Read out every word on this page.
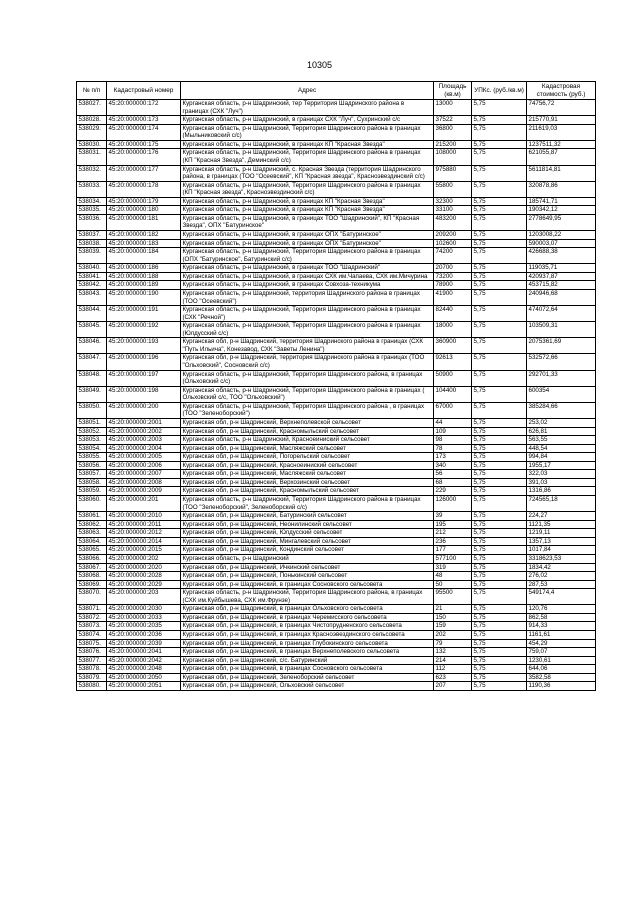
10305
№ п/п	Кадастровый номер	Адрес	Площадь (кв.м)	УПКс. (руб./кв.м)	Кадастровая стоимость (руб.)
538027.	45:20:000000:172	Курганская область, р-н Шадринский, тер Территория Шадринского района в границах (СХК "Луч")	13000	5,75	74756,72
538028.	45:20:000000:173	Курганская область, р-н Шадринский, в границах СХК "Луч", Сухринский с/с	37522	5,75	215770,91
538029.	45:20:000000:174	Курганская область, р-н Шадринский, Территория Шадринского района в границах (Мыльниковский с/с)	36800	5,75	211619,03
538030.	45:20:000000:175	Курганская область, р-н Шадринский, в границах КП "Красная Звезда"	215200	5,75	1237511,32
538031.	45:20:000000:176	Курганская область, р-н Шадринский, Территория Шадринского района в границах (КП "Красная Звезда", Деминский с/с)	108000	5,75	621055,87
538032.	45:20:000000:177	Курганская область, р-н Шадринский, с. Красная Звезда (территория Шадринского района, в границах (ТОО "Осеевский", КП "Красная звезда", Красноэвездинский с/с)	975880	5,75	5611814,81
538033.	45:20:000000:178	Курганская область, р-н Шадринский, Территория Шадринского района в границах (КП "Красная звезда", Красноэвездинский с/с)	55800	5,75	320878,86
538034.	45:20:000000:179	Курганская область, р-н Шадринский, в границах КП "Красная Звезда"	32300	5,75	185741,71
538035.	45:20:000000:180	Курганская область, р-н Шадринский, в границах КП "Красная Звезда"	33100	5,75	190342,12
538036.	45:20:000000:181	Курганская область, р-н Шадринский, в границах ТОО "Шадринский", КП "Красная Звезда", ОПХ "Батуринское"	483200	5,75	2778649,95
538037.	45:20:000000:182	Курганская область, р-н Шадринский, в границах ОПХ "Батуринское"	209200	5,75	1203008,22
538038.	45:20:000000:183	Курганская область, р-н Шадринский, в границах ОПХ "Батуринское"	102600	5,75	590003,07
538039.	45:20:000000:184	Курганская область, р-н Шадринский, Территория Шадринского района в границах (ОПХ "Батуринское", Батуринский с/с)	74200	5,75	426688,38
538040.	45:20:000000:186	Курганская область, р-н Шадринский, в границах ТОО "Шадринский"	20700	5,75	119035,71
538041.	45:20:000000:188	Курганская область, р-н Шадринский, в границах СХК им.Чапаева, СХК им.Мичурина	73200	5,75	420937,87
538042.	45:20:000000:189	Курганская область, р-н Шадринский, в границах Совхоза-техникума	78900	5,75	453715,82
538043.	45:20:000000:190	Курганская область, р-н Шадринский, территория Шадринского района в границах (ТОО "Осеевский")	41900	5,75	240946,68
538044.	45:20:000000:191	Курганская область, р-н Шадринский, Территория Шадринского района в границах (СХК "Речной")	82440	5,75	474072,64
538045.	45:20:000000:192	Курганская область, р-н Шадринский, Территория Шадринского района в границах (Юлдусский с/с)	18000	5,75	103509,31
538046.	45:20:000000:193	Курганская обл, р-н Шадринский, территория Шадринского района в границах (СХК "Путь Ильича", Конезавод, СХК "Заветы Ленина")	360900	5,75	2075361,69
538047.	45:20:000000:196	Курганская обл, р-н Шадринский, территория Шадринского района в границах (ТОО "Ольховский", Сосновский с/с)	92613	5,75	532572,66
538048.	45:20:000000:197	Курганская область, р-н Шадринский, Территория Шадринского района, в границах (Ольховский с/с)	50900	5,75	292701,33
538049.	45:20:000000:198	Курганская область, р-н Шадринский, Территория Шадринского района в границах ( Ольховский с/с, ТОО "Ольховский")	104400	5,75	600354
538050.	45:20:000000:200	Курганская область, р-н Шадринский, Территория Шадринского района , в границах (ТОО "Зеленоборский")	67000	5,75	385284,66
538051.	45:20:000000:2001	Курганская обл, р-н Шадринский, Верхнеполевской сельсовет	44	5,75	253,02
538052.	45:20:000000:2002	Курганская обл, р-н Шадринский, Красномыльский сельсовет	109	5,75	626,81
538053.	45:20:000000:2003	Курганская область, р-н Шадринский, Красноеиниский сельсовет	98	5,75	563,55
538054.	45:20:000000:2004	Курганская обл, р-н Шадринский, Масляжский сельсовет	78	5,75	448,54
538055.	45:20:000000:2005	Курганская обл, р-н Шадринский, Погорельский сельсовет	173	5,75	994,84
538056.	45:20:000000:2006	Курганская обл, р-н Шадринский, Красноеиниский сельсовет	340	5,75	1955,17
538057.	45:20:000000:2007	Курганская обл, р-н Шадринский, Масляжский сельсовет	56	5,75	322,03
538058.	45:20:000000:2008	Курганская обл, р-н Шадринский, Верхозинский сельсовет	68	5,75	391,03
538059.	45:20:000000:2009	Курганская обл, р-н Шадринский, Красномыльский сельсовет	229	5,75	1316,86
538060.	45:20:000000:201	Курганская область, р-н Шадринский, Территория Шадринского района в границах (ТОО "Зеленоборский", Зеленоборский с/с)	126000	5,75	724565,18
538061.	45:20:000000:2010	Курганская обл, р-н Шадринский, Батуринский сельсовет	39	5,75	224,27
538062.	45:20:000000:2011	Курганская обл, р-н Шадринский, Неонилинский сельсовет	195	5,75	1121,35
538063.	45:20:000000:2012	Курганская обл, р-н Шадринский, Юлдусский сельсовет	212	5,75	1219,11
538064.	45:20:000000:2014	Курганская обл, р-н Шадринский, Мингалевский сельсовет	236	5,75	1357,13
538065.	45:20:000000:2015	Курганская обл, р-н Шадринский, Кондинский сельсовет	177	5,75	1017,84
538066.	45:20:000000:202	Курганская область, р-н Шадринский	577100	5,75	3318623,53
538067.	45:20:000000:2020	Курганская обл, р-н Шадринский, Ичкинский сельсовет	319	5,75	1834,42
538068.	45:20:000000:2028	Курганская обл, р-н Шадринский, Понькинский сельсовет	48	5,75	276,02
538069.	45:20:000000:2029	Курганская обл, р-н Шадринский, в границах Сосновского сельсовета	50	5,75	287,53
538070.	45:20:000000:203	Курганская область, р-н Шадринский, Территория Шадринского района, в границах (СХК им.Куйбышева, СХК им.Фрунзе)	95500	5,75	549174,4
538071.	45:20:000000:2030	Курганская обл, р-н Шадринский, в границах Ольховского сельсовета	21	5,75	120,76
538072.	45:20:000000:2033	Курганская обл, р-н Шадринский, в границах Черемисского сельсовета	150	5,75	862,58
538073.	45:20:000000:2035	Курганская обл, р-н Шадринский, в границах Чистопрудненского сельсовета	159	5,75	914,33
538074.	45:20:000000:2036	Курганская обл, р-н Шадринский, в границах Красноэвездинского сельсовета	202	5,75	1161,61
538075.	45:20:000000:2039	Курганская обл, р-н Шадринский, в границах Глубокинского сельсовета	79	5,75	454,29
538076.	45:20:000000:2041	Курганская обл, р-н Шадринский, в границах Верхнеполевского сельсовета	132	5,75	759,07
538077.	45:20:000000:2042	Курганская обл, р-н Шадринский, с/с. Батуринский	214	5,75	1230,61
538078.	45:20:000000:2048	Курганская обл, р-н Шадринский, в границах Сосновского сельсовета	112	5,75	644,06
538079.	45:20:000000:2050	Курганская обл, р-н Шадринский, Зеленоборский сельсовет	623	5,75	3582,58
538080.	45:20:000000:2051	Курганская обл, р-н Шадринский, Ольховский сельсовет	207	5,75	1190,36
